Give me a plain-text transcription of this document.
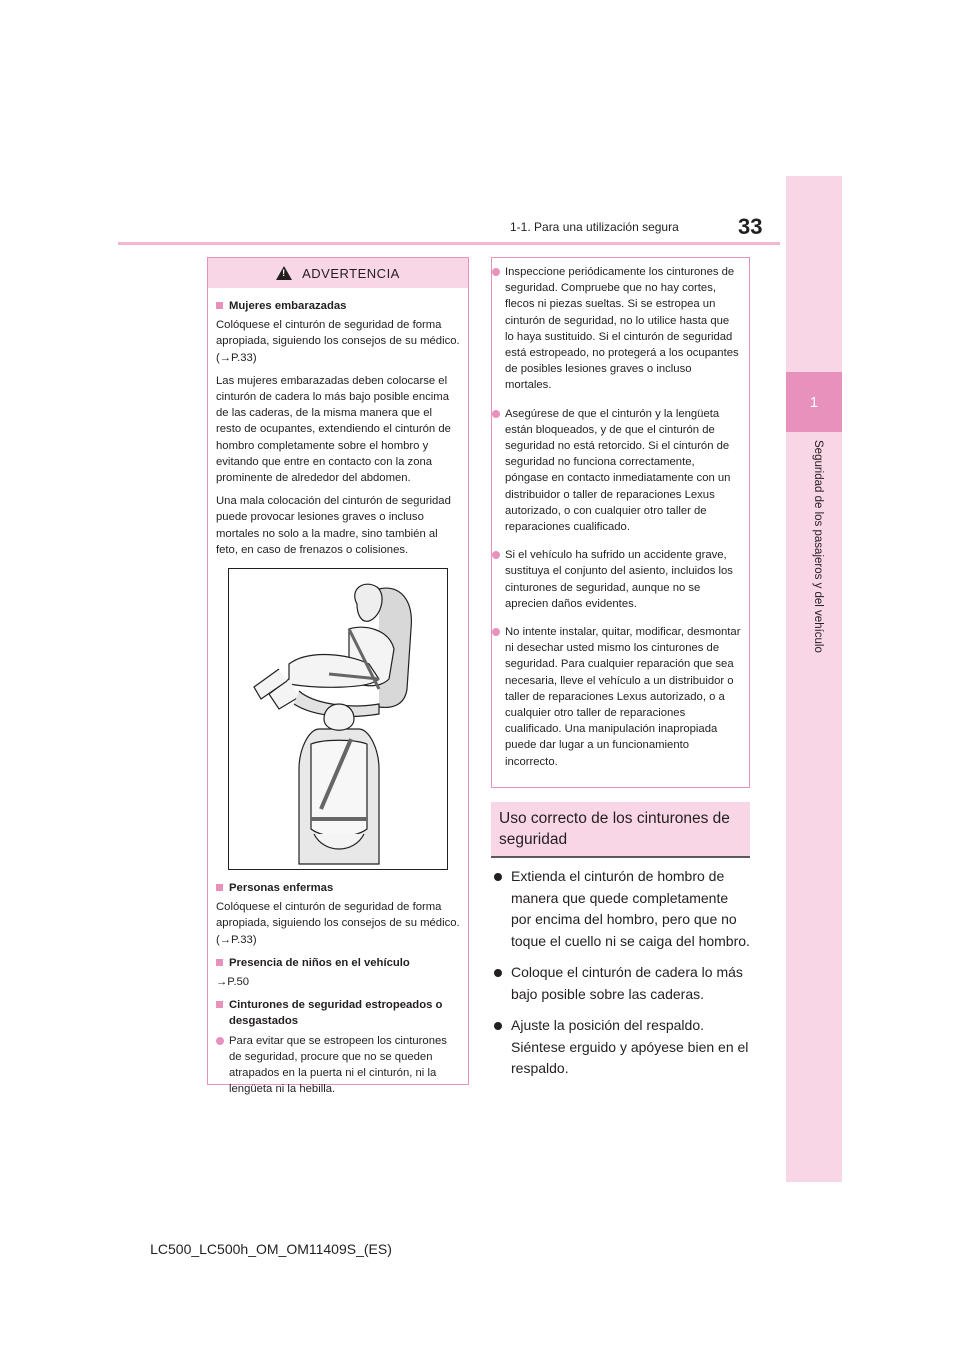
1
Seguridad de los pasajeros y del vehículo
1-1. Para una utilización segura	33
!
ADVERTENCIA
Mujeres embarazadas

Colóquese el cinturón de seguridad de forma apropiada, siguiendo los consejos de su médico. (→P.33)

Las mujeres embarazadas deben colocarse el cinturón de cadera lo más bajo posible encima de las caderas, de la misma manera que el resto de ocupantes, extendiendo el cinturón de hombro completamente sobre el hombro y evitando que entre en contacto con la zona prominente de alrededor del abdomen.

Una mala colocación del cinturón de seguridad puede provocar lesiones graves o incluso mortales no solo a la madre, sino también al feto, en caso de frenazos o colisiones.

Personas enfermas

Colóquese el cinturón de seguridad de forma apropiada, siguiendo los consejos de su médico. (→P.33)

Presencia de niños en el vehículo

→P.50

Cinturones de seguridad estropeados o desgastados
Para evitar que se estropeen los cinturones de seguridad, procure que no se queden atrapados en la puerta ni el cinturón, ni la lengüeta ni la hebilla.
Inspeccione periódicamente los cinturones de seguridad. Compruebe que no hay cortes, flecos ni piezas sueltas. Si se estropea un cinturón de seguridad, no lo utilice hasta que lo haya sustituido. Si el cinturón de seguridad está estropeado, no protegerá a los ocupantes de posibles lesiones graves o incluso mortales.
Asegúrese de que el cinturón y la lengüeta están bloqueados, y de que el cinturón de seguridad no está retorcido. Si el cinturón de seguridad no funciona correctamente, póngase en contacto inmediatamente con un distribuidor o taller de reparaciones Lexus autorizado, o con cualquier otro taller de reparaciones cualificado.
Si el vehículo ha sufrido un accidente grave, sustituya el conjunto del asiento, incluidos los cinturones de seguridad, aunque no se aprecien daños evidentes.
No intente instalar, quitar, modificar, desmontar ni desechar usted mismo los cinturones de seguridad. Para cualquier reparación que sea necesaria, lleve el vehículo a un distribuidor o taller de reparaciones Lexus autorizado, o a cualquier otro taller de reparaciones cualificado. Una manipulación inapropiada puede dar lugar a un funcionamiento incorrecto.
Uso correcto de los cinturones de seguridad
Extienda el cinturón de hombro de manera que quede completamente por encima del hombro, pero que no toque el cuello ni se caiga del hombro.
Coloque el cinturón de cadera lo más bajo posible sobre las caderas.
Ajuste la posición del respaldo. Siéntese erguido y apóyese bien en el respaldo.
LC500_LC500h_OM_OM11409S_(ES)
